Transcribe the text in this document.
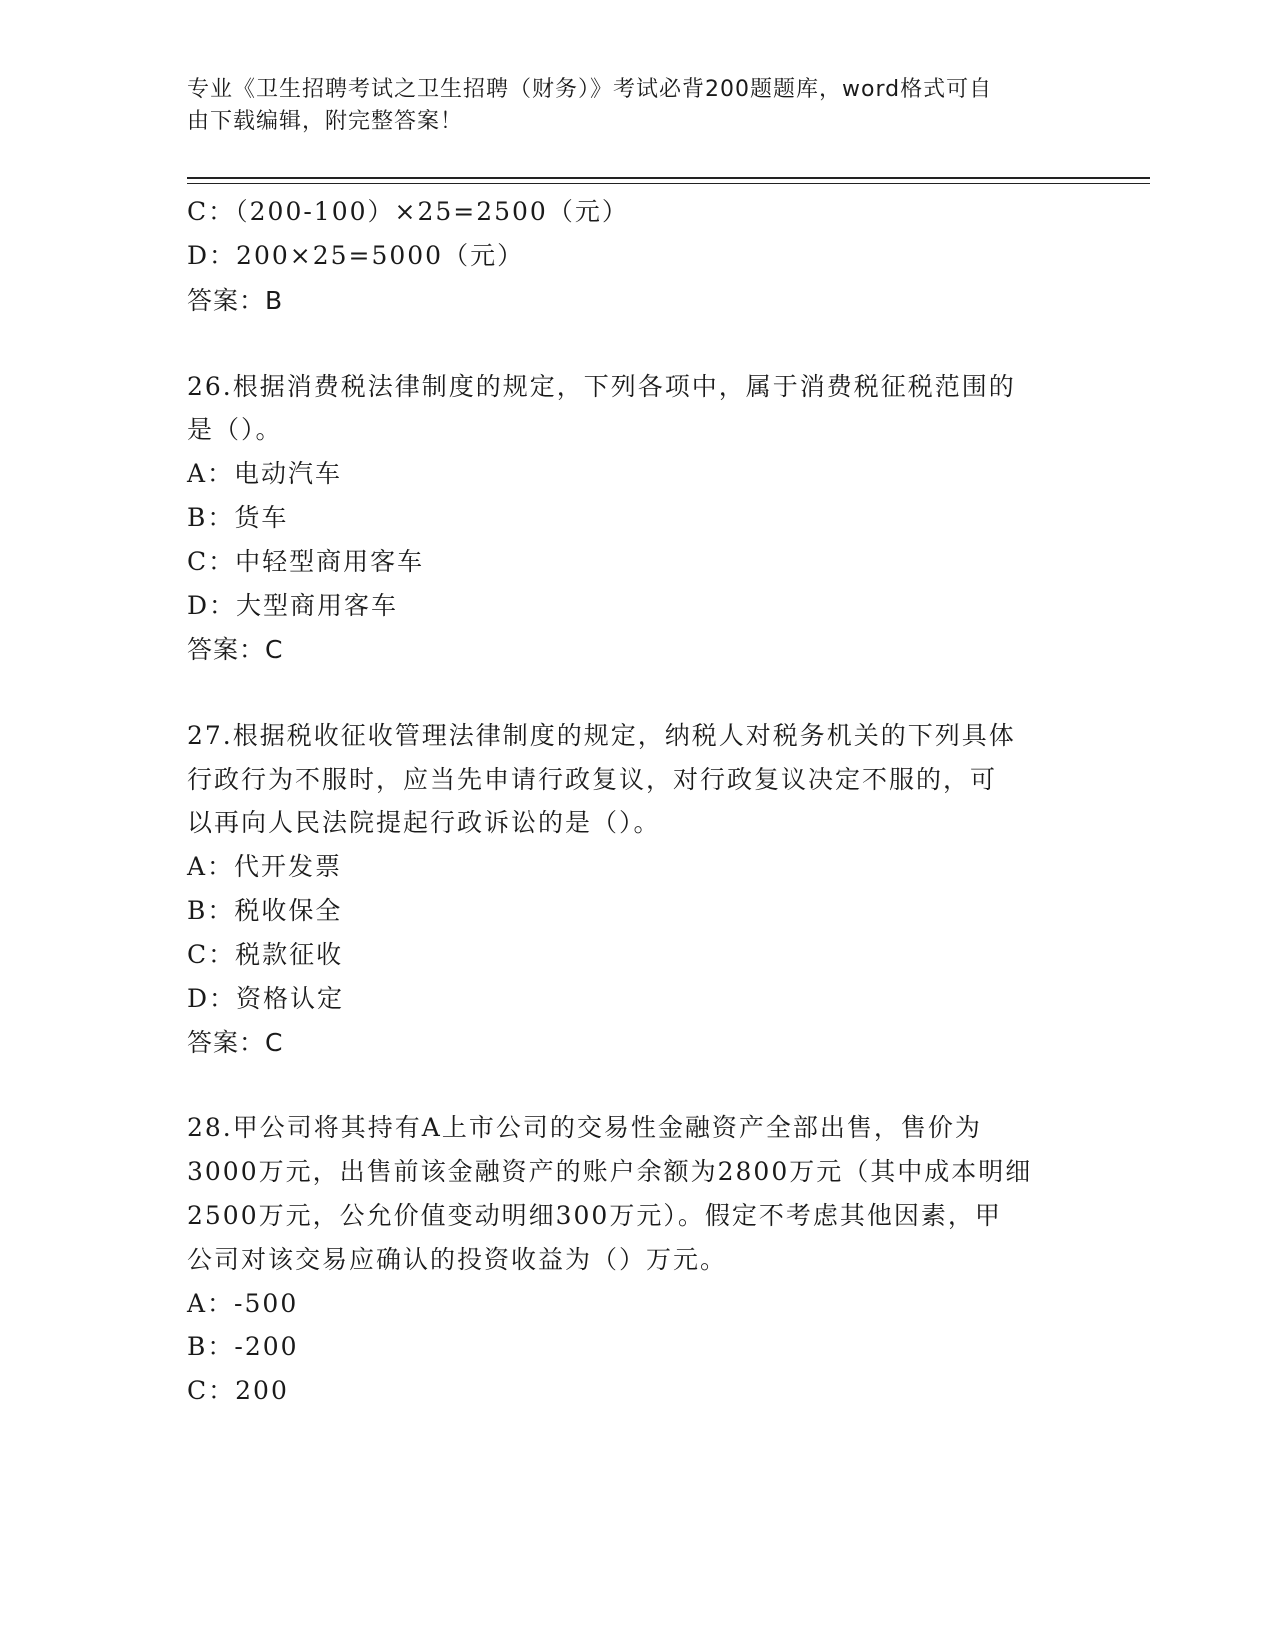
专业《卫生招聘考试之卫生招聘（财务）》考试必背200题题库，word格式可自
由下载编辑，附完整答案！
C：（200-100）×25=2500（元）
D：200×25=5000（元）
答案：B
26.根据消费税法律制度的规定，下列各项中，属于消费税征税范围的
是（）。
A：电动汽车
B：货车
C：中轻型商用客车
D：大型商用客车
答案：C
27.根据税收征收管理法律制度的规定，纳税人对税务机关的下列具体
行政行为不服时，应当先申请行政复议，对行政复议决定不服的，可
以再向人民法院提起行政诉讼的是（）。
A：代开发票
B：税收保全
C：税款征收
D：资格认定
答案：C
28.甲公司将其持有A上市公司的交易性金融资产全部出售，售价为
3000万元，出售前该金融资产的账户余额为2800万元（其中成本明细
2500万元，公允价值变动明细300万元）。假定不考虑其他因素，甲
公司对该交易应确认的投资收益为（）万元。
A：-500
B：-200
C：200
